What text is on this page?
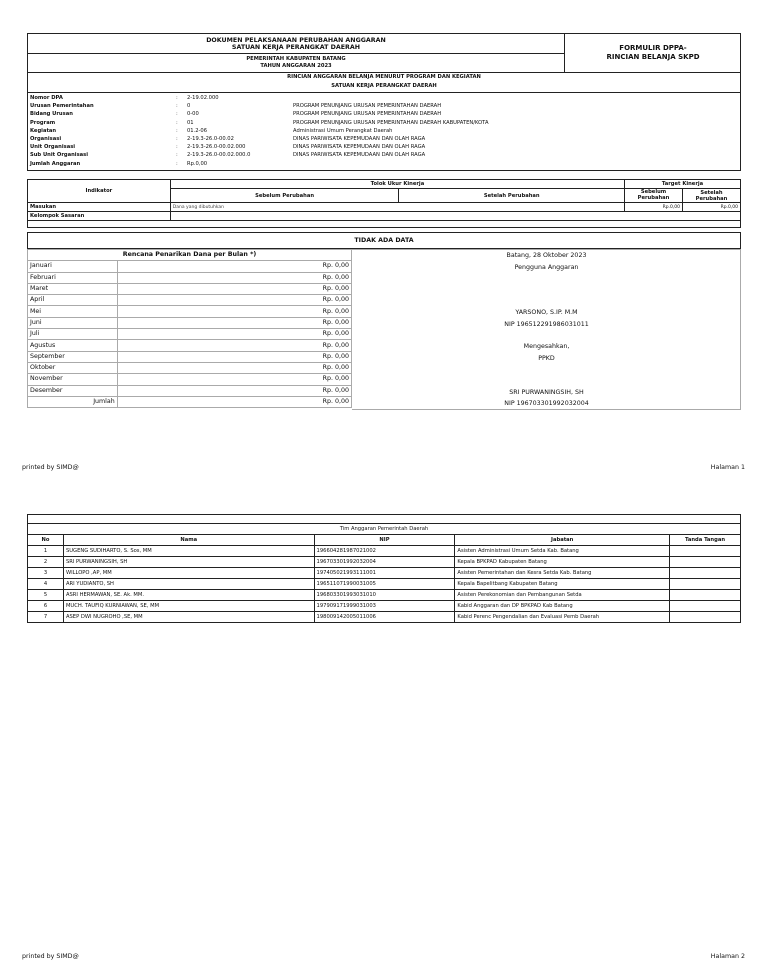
DOKUMEN PELAKSANAAN PERUBAHAN ANGGARAN
SATUAN KERJA PERANGKAT DAERAH
PEMERINTAH KABUPATEN BATANG
TAHUN ANGGARAN 2023
FORMULIR DPPA-
RINCIAN BELANJA SKPD
RINCIAN ANGGARAN BELANJA MENURUT PROGRAM DAN KEGIATAN
SATUAN KERJA PERANGKAT DAERAH
Nomor DPA	: 2-19.02.000
Urusan Pemerintahan	: 0	PROGRAM PENUNJANG URUSAN PEMERINTAHAN DAERAH
Bidang Urusan	: 0-00	PROGRAM PENUNJANG URUSAN PEMERINTAHAN DAERAH
Program	: 01	PROGRAM PENUNJANG URUSAN PEMERINTAHAN DAERAH KABUPATEN/KOTA
Kegiatan	: 01.2-06	Administrasi Umum Perangkat Daerah
Organisasi	: 2-19.3-26.0-00.02	DINAS PARIWISATA KEPEMUDAAN DAN OLAH RAGA
Unit Organisasi	: 2-19.3-26.0-00.02.000	DINAS PARIWISATA KEPEMUDAAN DAN OLAH RAGA
Sub Unit Organisasi	: 2-19.3-26.0-00.02.000.0	DINAS PARIWISATA KEPEMUDAAN DAN OLAH RAGA
Jumlah Anggaran	: Rp.0,00
Indikator	Tolok Ukur Kinerja		Target Kinerja	
	Sebelum Perubahan	Setelah Perubahan	Sebelum Perubahan	Setelah Perubahan
Masukan	Dana yang dibutuhkan		Rp.0,00	Rp.0,00
Kelompok Sasaran				

TIDAK ADA DATA
Rencana Penarikan Dana per Bulan *)	
Januari	Rp. 0,00
Februari	Rp. 0,00
Maret	Rp. 0,00
April	Rp. 0,00
Mei	Rp. 0,00
Juni	Rp. 0,00
Juli	Rp. 0,00
Agustus	Rp. 0,00
September	Rp. 0,00
Oktober	Rp. 0,00
November	Rp. 0,00
Desember	Rp. 0,00
Jumlah	Rp. 0,00
Batang, 28 Oktober 2023
Pengguna Anggaran
YARSONO, S.IP. M.M
NIP 196512291986031011
Mengesahkan,
PPKD
SRI PURWANINGSIH, SH
NIP 196703301992032004
printed by SIMD@	Halaman 1

Tim Anggaran Pemerintah Daerah				
No	Nama	NIP	Jabatan	Tanda Tangan
1	SUGENG SUDIHARTO, S. Sos, MM	196604281987021002	Asisten Administrasi Umum Setda Kab. Batang	
2	SRI PURWANINGSIH, SH	196703301992032004	Kepala BPKPAD Kabupaten Batang	
3	WILLOPO ,AP, MM	197405021993111001	Asisten Pemerintahan dan Kesra Setda Kab. Batang	
4	ARI YUDIANTO, SH	196511071990031005	Kepala Bapelitbang Kabupaten Batang	
5	ASRI HERMAWAN, SE. Ak. MM.	196803301993031010	Asisten Perekonomian dan Pembangunan Setda	
6	MUCH. TAUFIQ KURNIAWAN, SE, MM	197909171999031003	Kabid Anggaran dan DP BPKPAD Kab Batang	
7	ASEP DWI NUGROHO ,SE, MM	198009142005011006	Kabid Perenc Pengendalian dan Evaluasi Pemb Daerah	
printed by SIMD@	Halaman 2
